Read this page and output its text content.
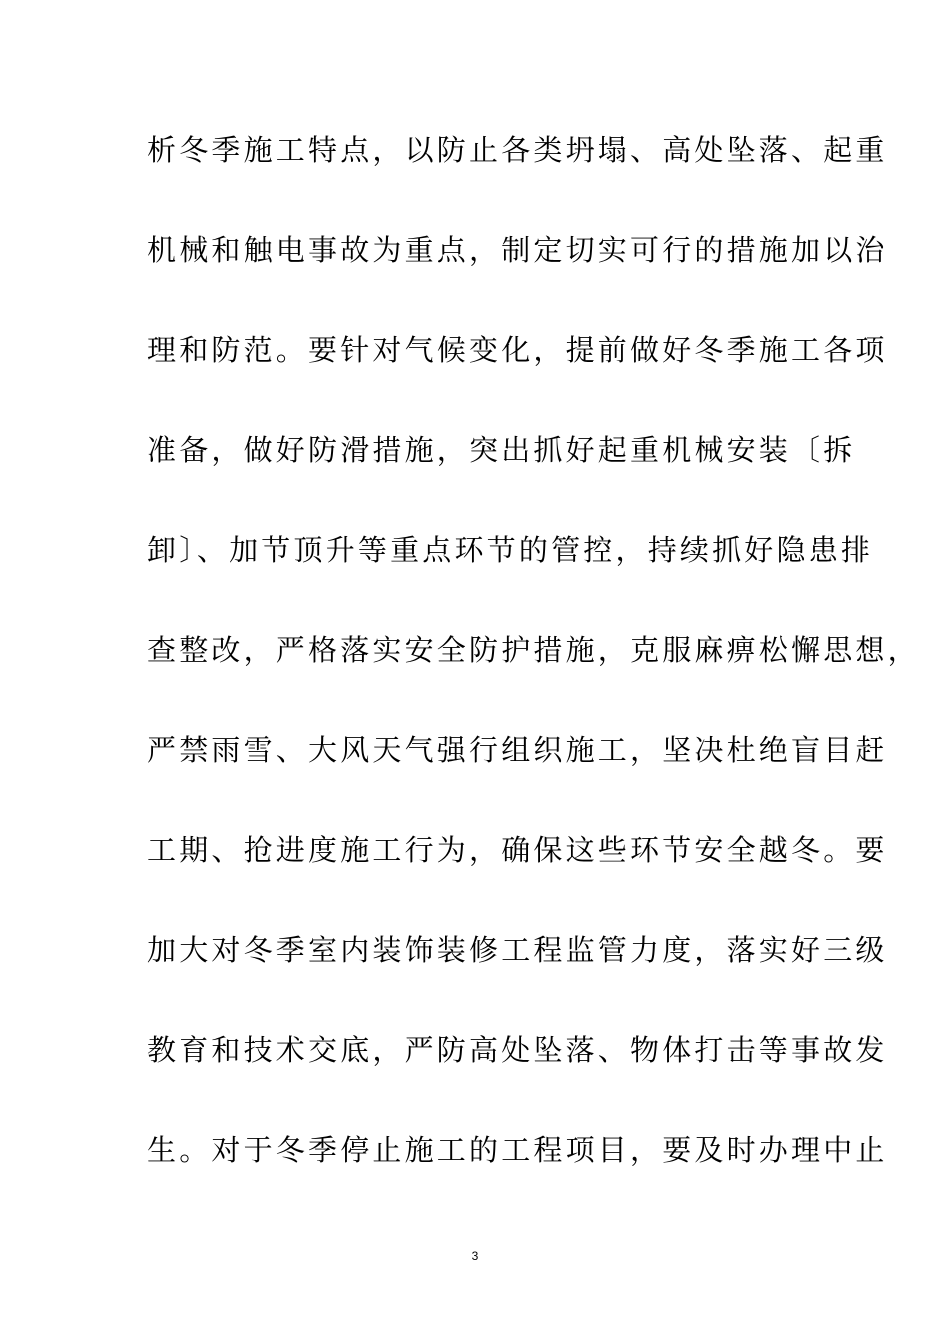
析冬季施工特点，以防止各类坍塌、高处坠落、起重
机械和触电事故为重点，制定切实可行的措施加以治
理和防范。要针对气候变化，提前做好冬季施工各项
准备，做好防滑措施，突出抓好起重机械安装〔拆
卸〕、加节顶升等重点环节的管控，持续抓好隐患排
查整改，严格落实安全防护措施，克服麻痹松懈思想，
严禁雨雪、大风天气强行组织施工，坚决杜绝盲目赶
工期、抢进度施工行为，确保这些环节安全越冬。要
加大对冬季室内装饰装修工程监管力度，落实好三级
教育和技术交底，严防高处坠落、物体打击等事故发
生。对于冬季停止施工的工程项目，要及时办理中止
3
